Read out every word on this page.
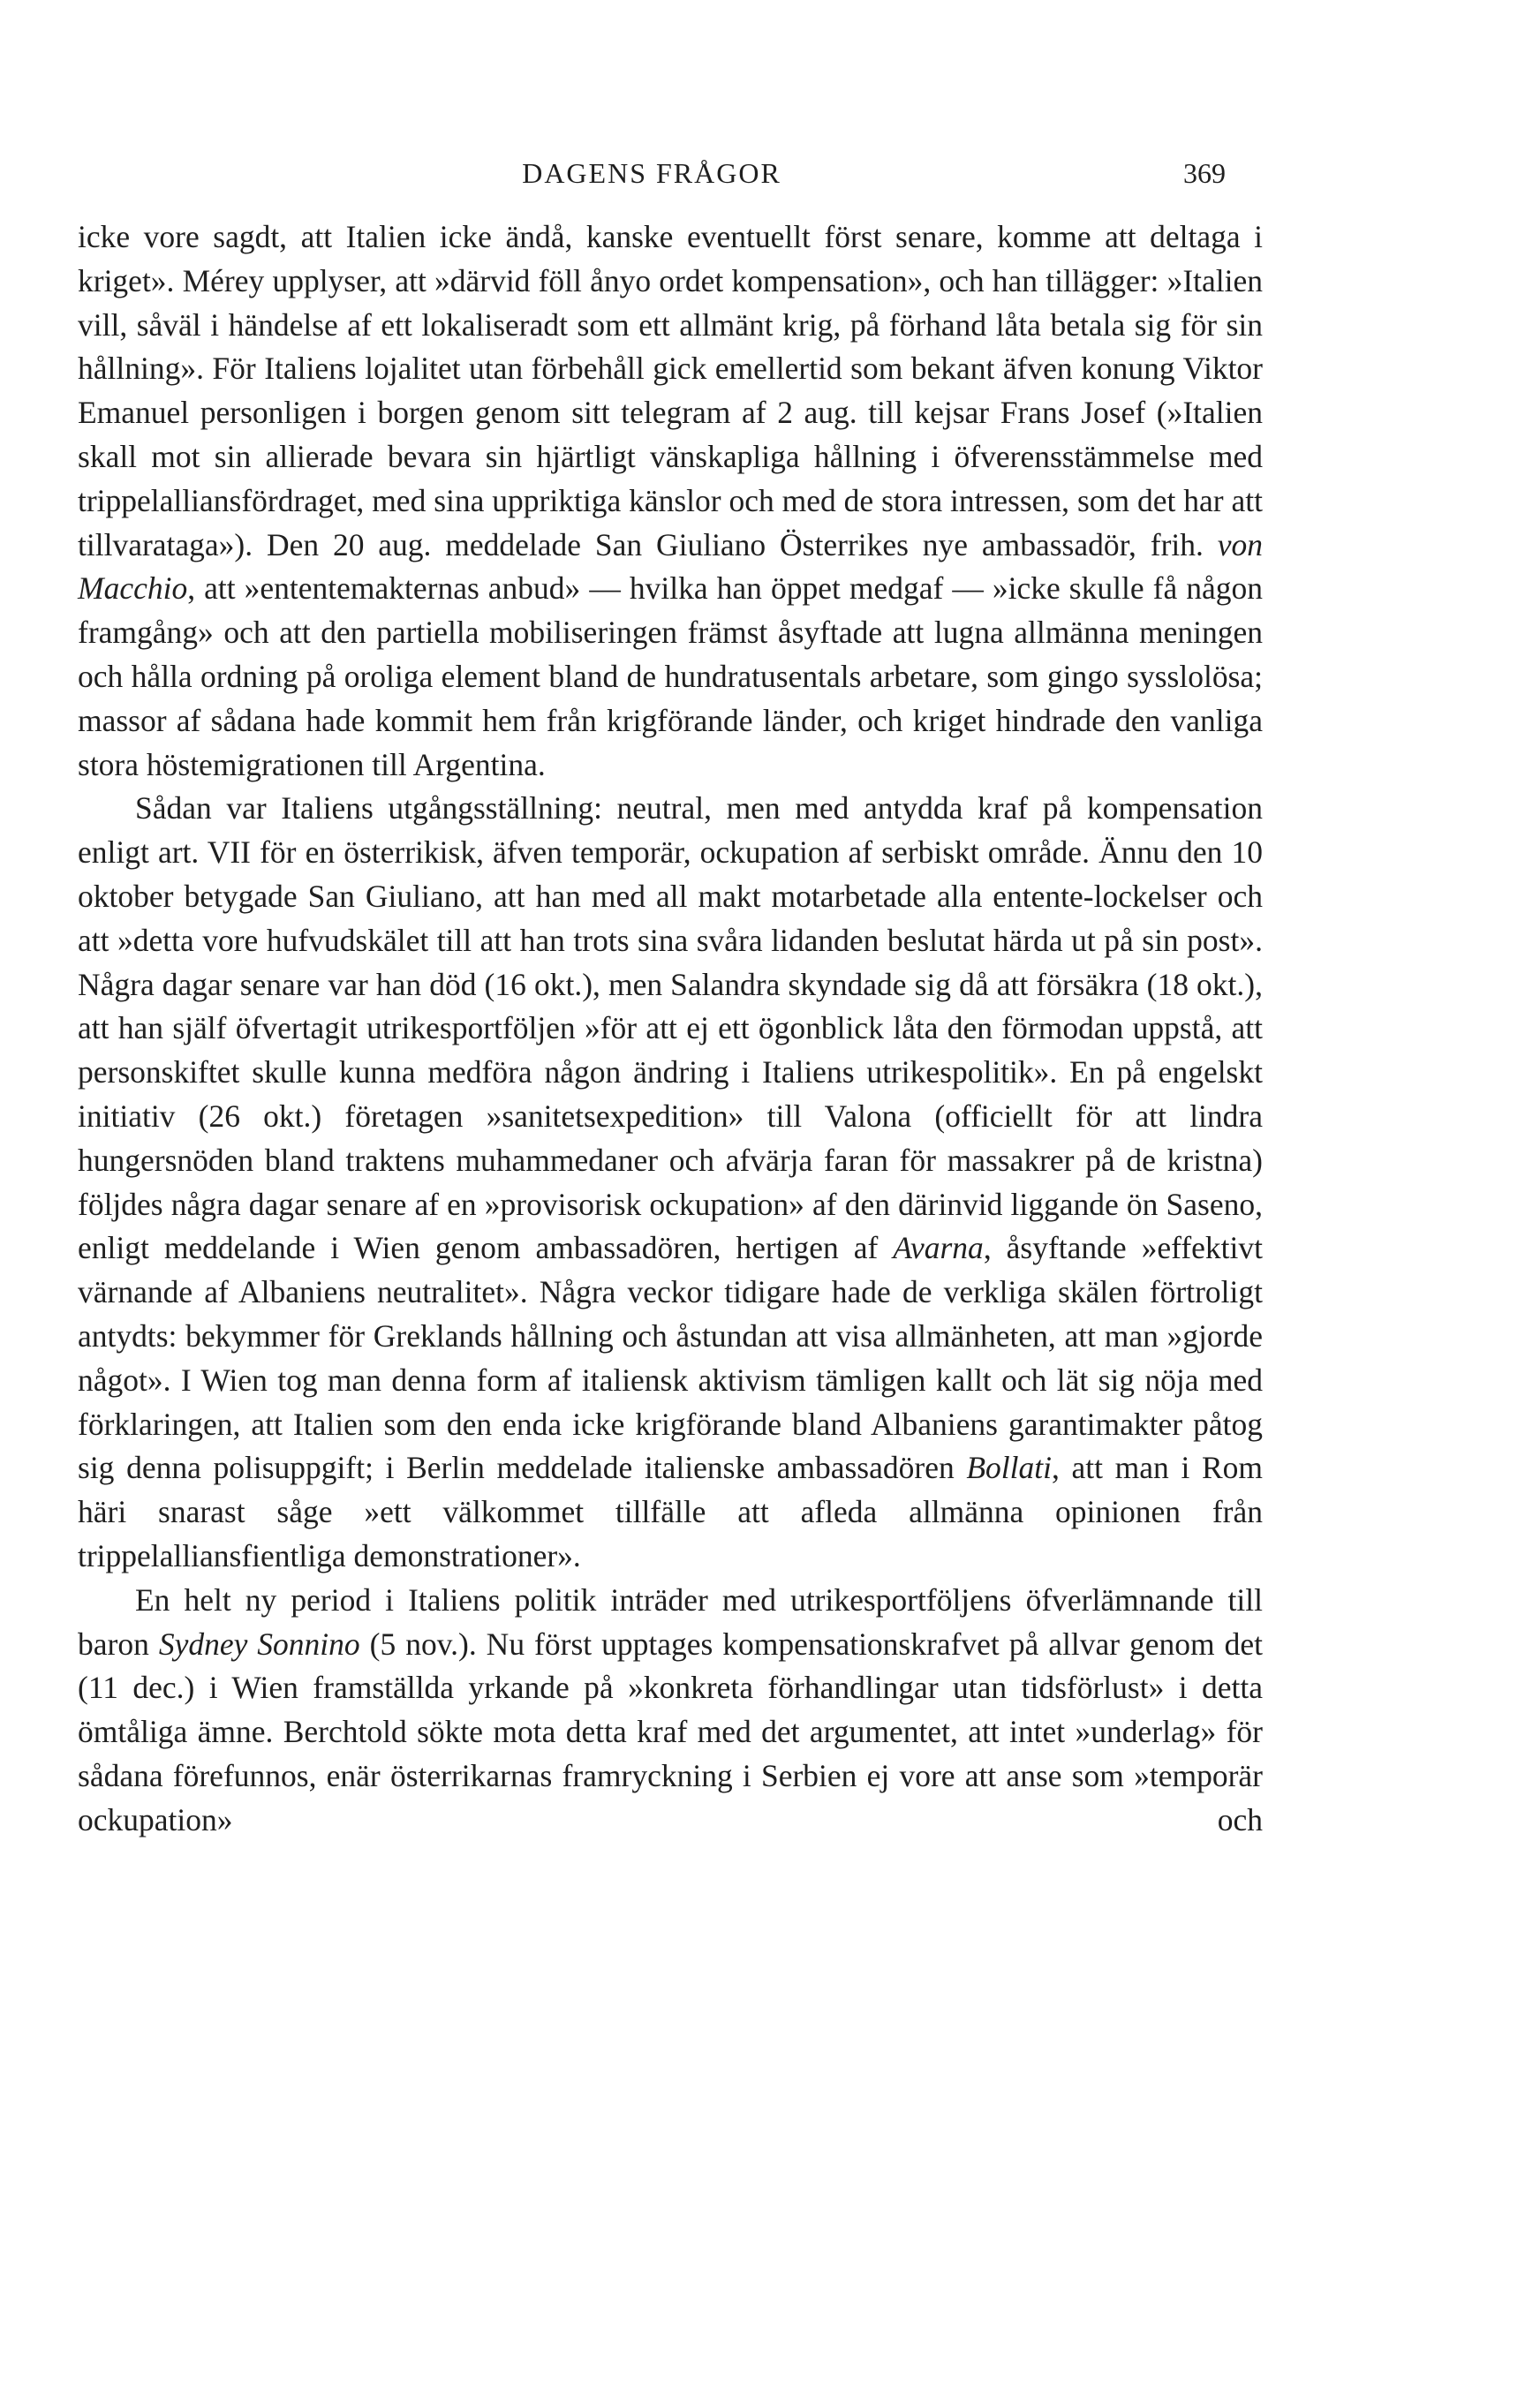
DAGENS FRÅGOR	369

icke vore sagdt, att Italien icke ändå, kanske eventuellt först senare, komme att deltaga i kriget». Mérey upplyser, att »därvid föll ånyo ordet kompensation», och han tillägger: »Italien vill, såväl i händelse af ett lokaliseradt som ett allmänt krig, på förhand låta betala sig för sin hållning». För Italiens lojalitet utan förbehåll gick emellertid som bekant äfven konung Viktor Emanuel personligen i borgen genom sitt telegram af 2 aug. till kejsar Frans Josef (»Italien skall mot sin allierade bevara sin hjärtligt vänskapliga hållning i öfverensstämmelse med trippelalliansfördraget, med sina uppriktiga känslor och med de stora intressen, som det har att tillvarataga»). Den 20 aug. meddelade San Giuliano Österrikes nye ambassadör, frih. von Macchio, att »ententemakternas anbud» — hvilka han öppet medgaf — »icke skulle få någon framgång» och att den partiella mobiliseringen främst åsyftade att lugna allmänna meningen och hålla ordning på oroliga element bland de hundratusentals arbetare, som gingo sysslolösa; massor af sådana hade kommit hem från krigförande länder, och kriget hindrade den vanliga stora höstemigrationen till Argentina.

Sådan var Italiens utgångsställning: neutral, men med antydda kraf på kompensation enligt art. VII för en österrikisk, äfven temporär, ockupation af serbiskt område. Ännu den 10 oktober betygade San Giuliano, att han med all makt motarbetade alla entente-lockelser och att »detta vore hufvudskälet till att han trots sina svåra lidanden beslutat härda ut på sin post». Några dagar senare var han död (16 okt.), men Salandra skyndade sig då att försäkra (18 okt.), att han själf öfvertagit utrikesportföljen »för att ej ett ögonblick låta den förmodan uppstå, att personskiftet skulle kunna medföra någon ändring i Italiens utrikespolitik». En på engelskt initiativ (26 okt.) företagen »sanitetsexpedition» till Valona (officiellt för att lindra hungersnöden bland traktens muhammedaner och afvärja faran för massakrer på de kristna) följdes några dagar senare af en »provisorisk ockupation» af den därinvid liggande ön Saseno, enligt meddelande i Wien genom ambassadören, hertigen af Avarna, åsyftande »effektivt värnande af Albaniens neutralitet». Några veckor tidigare hade de verkliga skälen förtroligt antydts: bekymmer för Greklands hållning och åstundan att visa allmänheten, att man »gjorde något». I Wien tog man denna form af italiensk aktivism tämligen kallt och lät sig nöja med förklaringen, att Italien som den enda icke krigförande bland Albaniens garantimakter påtog sig denna polisuppgift; i Berlin meddelade italienske ambassadören Bollati, att man i Rom häri snarast såge »ett välkommet tillfälle att afleda allmänna opinionen från trippelalliansfientliga demonstrationer».

En helt ny period i Italiens politik inträder med utrikesportföljens öfverlämnande till baron Sydney Sonnino (5 nov.). Nu först upptages kompensationskrafvet på allvar genom det (11 dec.) i Wien framställda yrkande på »konkreta förhandlingar utan tidsförlust» i detta ömtåliga ämne. Berchtold sökte mota detta kraf med det argumentet, att intet »underlag» för sådana förefunnos, enär österrikarnas framryckning i Serbien ej vore att anse som »temporär ockupation» och
